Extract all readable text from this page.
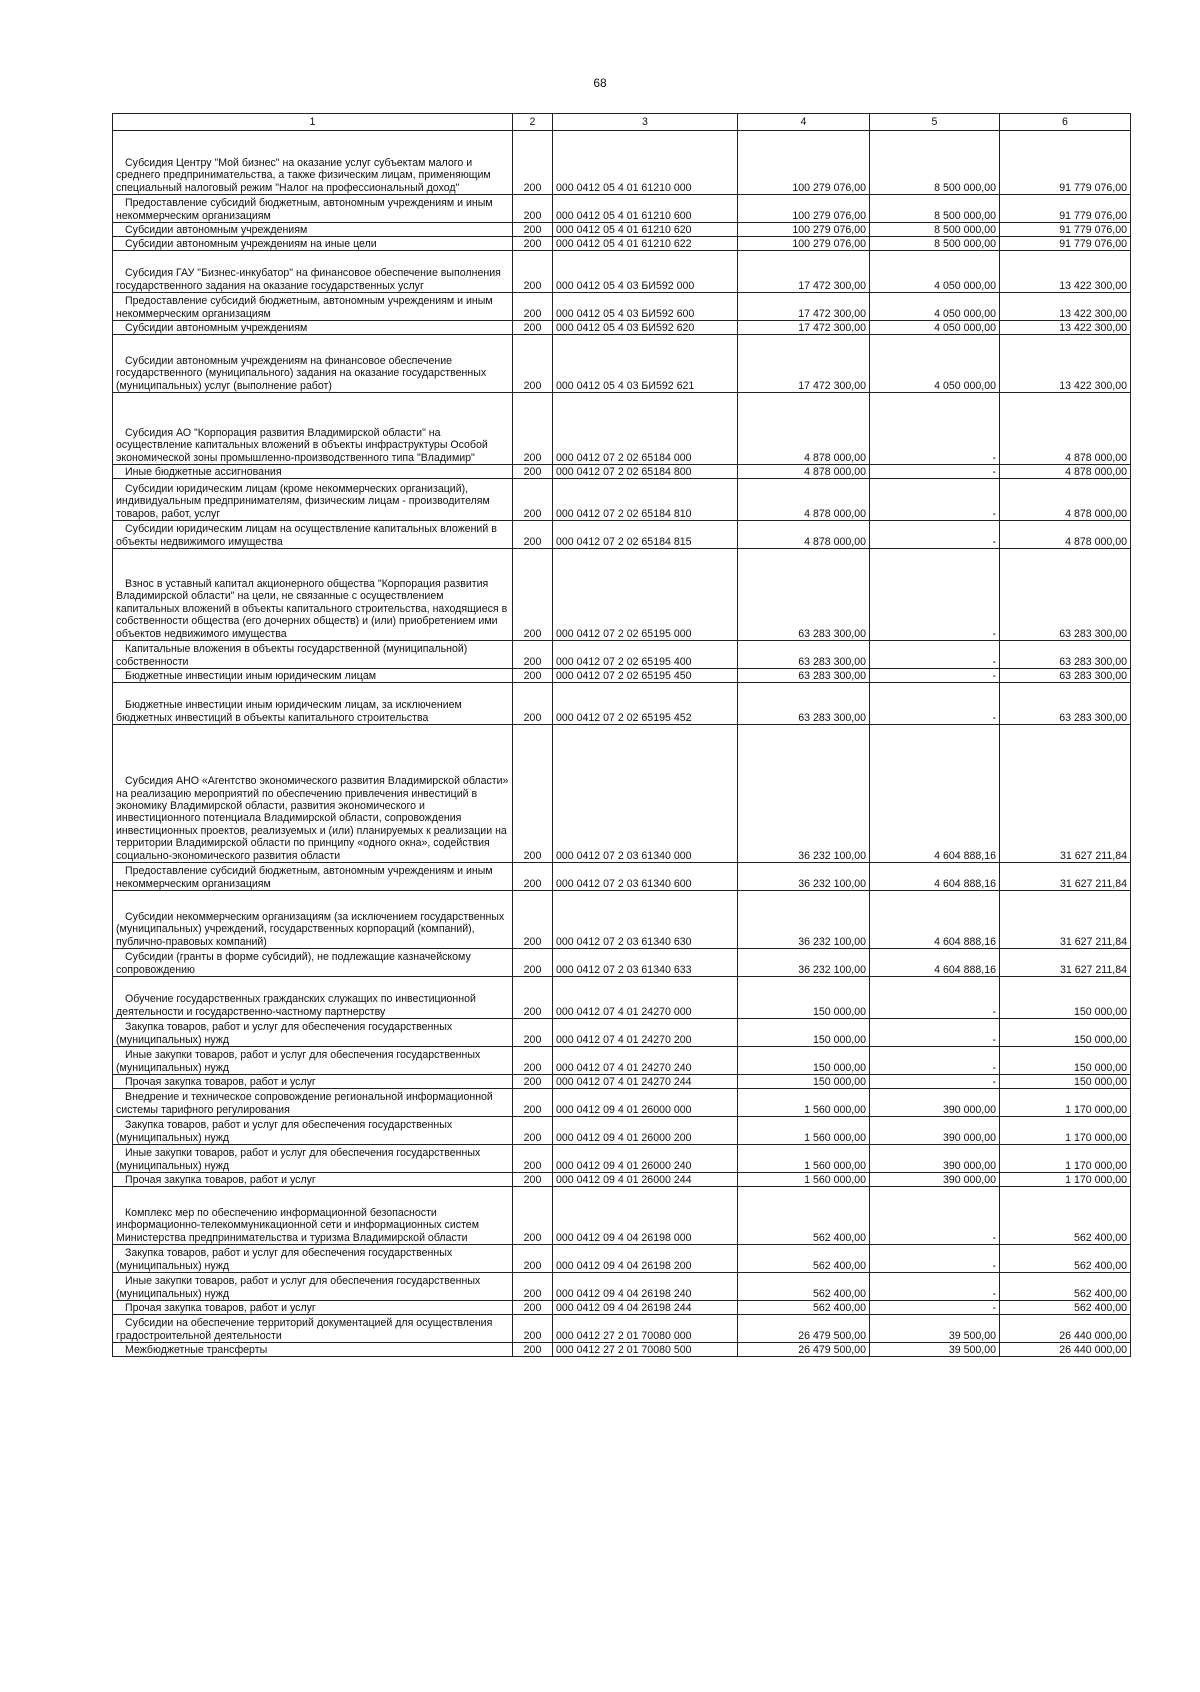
68
1	2	3	4	5	6
Субсидия Центру "Мой бизнес" на оказание услуг субъектам малого и среднего предпринимательства, а также физическим лицам, применяющим специальный налоговый режим "Налог на профессиональный доход"	200	000 0412 05 4 01 61210 000	100 279 076,00	8 500 000,00	91 779 076,00
Предоставление субсидий бюджетным, автономным учреждениям и иным некоммерческим организациям	200	000 0412 05 4 01 61210 600	100 279 076,00	8 500 000,00	91 779 076,00
Субсидии автономным учреждениям	200	000 0412 05 4 01 61210 620	100 279 076,00	8 500 000,00	91 779 076,00
Субсидии автономным учреждениям на иные цели	200	000 0412 05 4 01 61210 622	100 279 076,00	8 500 000,00	91 779 076,00
Субсидия ГАУ "Бизнес-инкубатор" на финансовое обеспечение выполнения государственного задания на оказание государственных услуг	200	000 0412 05 4 03 БИ592 000	17 472 300,00	4 050 000,00	13 422 300,00
Предоставление субсидий бюджетным, автономным учреждениям и иным некоммерческим организациям	200	000 0412 05 4 03 БИ592 600	17 472 300,00	4 050 000,00	13 422 300,00
Субсидии автономным учреждениям	200	000 0412 05 4 03 БИ592 620	17 472 300,00	4 050 000,00	13 422 300,00
Субсидии автономным учреждениям на финансовое обеспечение государственного (муниципального) задания на оказание государственных (муниципальных) услуг (выполнение работ)	200	000 0412 05 4 03 БИ592 621	17 472 300,00	4 050 000,00	13 422 300,00
Субсидия АО "Корпорация развития Владимирской области" на осуществление капитальных вложений в объекты инфраструктуры Особой экономической зоны промышленно-производственного типа "Владимир"	200	000 0412 07 2 02 65184 000	4 878 000,00	-	4 878 000,00
Иные бюджетные ассигнования	200	000 0412 07 2 02 65184 800	4 878 000,00	-	4 878 000,00
Субсидии юридическим лицам (кроме некоммерческих организаций), индивидуальным предпринимателям, физическим лицам - производителям товаров, работ, услуг	200	000 0412 07 2 02 65184 810	4 878 000,00	-	4 878 000,00
Субсидии юридическим лицам на осуществление капитальных вложений в объекты недвижимого имущества	200	000 0412 07 2 02 65184 815	4 878 000,00	-	4 878 000,00
Взнос в уставный капитал акционерного общества "Корпорация развития Владимирской области" на цели, не связанные с осуществлением капитальных вложений в объекты капитального строительства, находящиеся в собственности общества (его дочерних обществ) и (или) приобретением ими объектов недвижимого имущества	200	000 0412 07 2 02 65195 000	63 283 300,00	-	63 283 300,00
Капитальные вложения в объекты государственной (муниципальной) собственности	200	000 0412 07 2 02 65195 400	63 283 300,00	-	63 283 300,00
Бюджетные инвестиции иным юридическим лицам	200	000 0412 07 2 02 65195 450	63 283 300,00	-	63 283 300,00
Бюджетные инвестиции иным юридическим лицам, за исключением бюджетных инвестиций в объекты капитального строительства	200	000 0412 07 2 02 65195 452	63 283 300,00	-	63 283 300,00
Субсидия АНО «Агентство экономического развития Владимирской области» на реализацию мероприятий по обеспечению привлечения инвестиций в экономику Владимирской области, развития экономического и инвестиционного потенциала Владимирской области, сопровождения инвестиционных проектов, реализуемых и (или) планируемых к реализации на территории Владимирской области по принципу «одного окна», содействия социально-экономического развития области	200	000 0412 07 2 03 61340 000	36 232 100,00	4 604 888,16	31 627 211,84
Предоставление субсидий бюджетным, автономным учреждениям и иным некоммерческим организациям	200	000 0412 07 2 03 61340 600	36 232 100,00	4 604 888,16	31 627 211,84
Субсидии некоммерческим организациям (за исключением государственных (муниципальных) учреждений, государственных корпораций (компаний), публично-правовых компаний)	200	000 0412 07 2 03 61340 630	36 232 100,00	4 604 888,16	31 627 211,84
Субсидии (гранты в форме субсидий), не подлежащие казначейскому сопровождению	200	000 0412 07 2 03 61340 633	36 232 100,00	4 604 888,16	31 627 211,84
Обучение государственных гражданских служащих по инвестиционной деятельности и государственно-частному партнерству	200	000 0412 07 4 01 24270 000	150 000,00	-	150 000,00
Закупка товаров, работ и услуг для обеспечения государственных (муниципальных) нужд	200	000 0412 07 4 01 24270 200	150 000,00	-	150 000,00
Иные закупки товаров, работ и услуг для обеспечения государственных (муниципальных) нужд	200	000 0412 07 4 01 24270 240	150 000,00	-	150 000,00
Прочая закупка товаров, работ и услуг	200	000 0412 07 4 01 24270 244	150 000,00	-	150 000,00
Внедрение и техническое сопровождение региональной информационной системы тарифного регулирования	200	000 0412 09 4 01 26000 000	1 560 000,00	390 000,00	1 170 000,00
Закупка товаров, работ и услуг для обеспечения государственных (муниципальных) нужд	200	000 0412 09 4 01 26000 200	1 560 000,00	390 000,00	1 170 000,00
Иные закупки товаров, работ и услуг для обеспечения государственных (муниципальных) нужд	200	000 0412 09 4 01 26000 240	1 560 000,00	390 000,00	1 170 000,00
Прочая закупка товаров, работ и услуг	200	000 0412 09 4 01 26000 244	1 560 000,00	390 000,00	1 170 000,00
Комплекс мер по обеспечению информационной безопасности информационно-телекоммуникационной сети и информационных систем Министерства предпринимательства и туризма Владимирской области	200	000 0412 09 4 04 26198 000	562 400,00	-	562 400,00
Закупка товаров, работ и услуг для обеспечения государственных (муниципальных) нужд	200	000 0412 09 4 04 26198 200	562 400,00	-	562 400,00
Иные закупки товаров, работ и услуг для обеспечения государственных (муниципальных) нужд	200	000 0412 09 4 04 26198 240	562 400,00	-	562 400,00
Прочая закупка товаров, работ и услуг	200	000 0412 09 4 04 26198 244	562 400,00	-	562 400,00
Субсидии на обеспечение территорий документацией для осуществления градостроительной деятельности	200	000 0412 27 2 01 70080 000	26 479 500,00	39 500,00	26 440 000,00
Межбюджетные трансферты	200	000 0412 27 2 01 70080 500	26 479 500,00	39 500,00	26 440 000,00
